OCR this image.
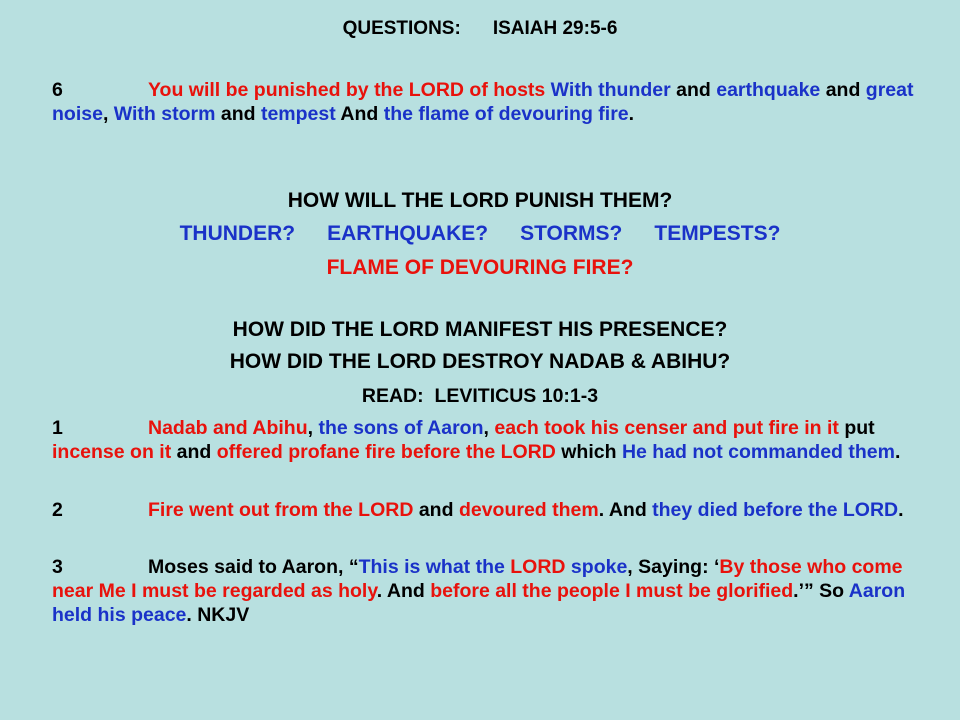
QUESTIONS: ISAIAH 29:5-6
6	You will be punished by the LORD of hosts With thunder and earthquake and great noise, With storm and tempest And the flame of devouring fire.
HOW WILL THE LORD PUNISH THEM?
THUNDER? EARTHQUAKE? STORMS? TEMPESTS?
FLAME OF DEVOURING FIRE?
HOW DID THE LORD MANIFEST HIS PRESENCE?
HOW DID THE LORD DESTROY NADAB & ABIHU?
READ: LEVITICUS 10:1-3
1	Nadab and Abihu, the sons of Aaron, each took his censer and put fire in it put incense on it and offered profane fire before the LORD which He had not commanded them.
2	Fire went out from the LORD and devoured them. And they died before the LORD.
3	Moses said to Aaron, “This is what the LORD spoke, Saying: ‘By those who come near Me I must be regarded as holy. And before all the people I must be glorified.’” So Aaron held his peace. NKJV
